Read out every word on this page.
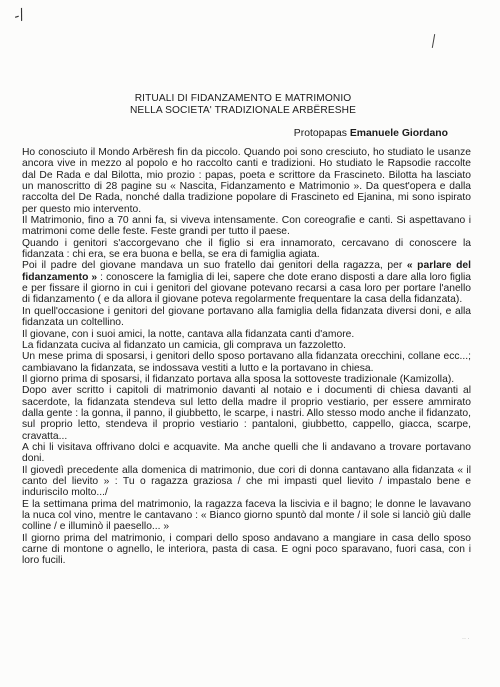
-/
·· ·
RITUALI DI FIDANZAMENTO E MATRIMONIO
NELLA SOCIETA' TRADIZIONALE ARBËRESHE
Protopapas Emanuele Giordano

Ho conosciuto il Mondo Arbëresh fin da piccolo. Quando poi sono cresciuto, ho studiato le usanze ancora vive in mezzo al popolo e ho raccolto canti e tradizioni. Ho studiato le Rapsodie raccolte dal De Rada e dal Bilotta, mio prozio : papas, poeta e scrittore da Frascineto. Bilotta ha lasciato un manoscritto di 28 pagine su « Nascita, Fidanzamento e Matrimonio ». Da quest'opera e dalla raccolta del De Rada, nonché dalla tradizione popolare di Frascineto ed Ejanina, mi sono ispirato per questo mio intervento.

Il Matrimonio, fino a 70 anni fa, si viveva intensamente. Con coreografie e canti. Si aspettavano i matrimoni come delle feste. Feste grandi per tutto il paese.

Quando i genitori s'accorgevano che il figlio si era innamorato, cercavano di conoscere la fidanzata : chi era, se era buona e bella, se era di famiglia agiata.

Poi il padre del giovane mandava un suo fratello dai genitori della ragazza, per « parlare del fidanzamento » : conoscere la famiglia di lei, sapere che dote erano disposti a dare alla loro figlia e per fissare il giorno in cui i genitori del giovane potevano recarsi a casa loro per portare l'anello di fidanzamento ( e da allora il giovane poteva regolarmente frequentare la casa della fidanzata).

In quell'occasione i genitori del giovane portavano alla famiglia della fidanzata diversi doni, e alla fidanzata un coltellino.

Il giovane, con i suoi amici, la notte, cantava alla fidanzata canti d'amore.

La fidanzata cuciva al fidanzato un camicia, gli comprava un fazzoletto.

Un mese prima di sposarsi, i genitori dello sposo portavano alla fidanzata orecchini, collane ecc...; cambiavano la fidanzata, se indossava vestiti a lutto e la portavano in chiesa.

Il giorno prima di sposarsi, il fidanzato portava alla sposa la sottoveste tradizionale (Kamizolla).

Dopo aver scritto i capitoli di matrimonio davanti al notaio e i documenti di chiesa davanti al sacerdote, la fidanzata stendeva sul letto della madre il proprio vestiario, per essere ammirato dalla gente : la gonna, il panno, il giubbetto, le scarpe, i nastri. Allo stesso modo anche il fidanzato, sul proprio letto, stendeva il proprio vestiario : pantaloni, giubbetto, cappello, giacca, scarpe, cravatta...

A chi li visitava offrivano dolci e acquavite. Ma anche quelli che li andavano a trovare portavano doni.

Il giovedì precedente alla domenica di matrimonio, due cori di donna cantavano alla fidanzata « il canto del lievito » : Tu o ragazza graziosa / che mi impasti quel lievito / impastalo bene e indurisciIo molto.../

E la settimana prima del matrimonio, la ragazza faceva la liscivia e il bagno; le donne le lavavano la nuca col vino, mentre le cantavano : « Bianco giorno spuntò dal monte / il sole si lanciò giù dalle colline / e illuminò il paesello... »

Il giorno prima del matrimonio, i compari dello sposo andavano a mangiare in casa dello sposo carne di montone o agnello, le interiora, pasta di casa. E ogni poco sparavano, fuori casa, con i loro fucili.
